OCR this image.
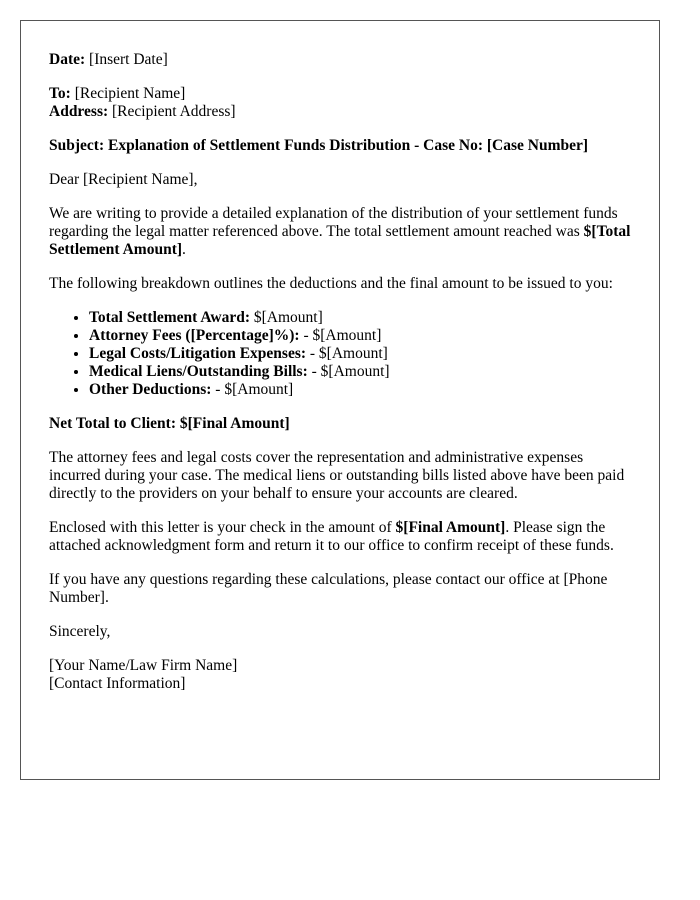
Date: [Insert Date]

To: [Recipient Name]

Address: [Recipient Address]

Subject: Explanation of Settlement Funds Distribution - Case No: [Case Number]

Dear [Recipient Name],

We are writing to provide a detailed explanation of the distribution of your settlement funds regarding the legal matter referenced above. The total settlement amount reached was $[Total Settlement Amount].

The following breakdown outlines the deductions and the final amount to be issued to you:

• Total Settlement Award: $[Amount]
• Attorney Fees ([Percentage]%): - $[Amount]
• Legal Costs/Litigation Expenses: - $[Amount]
• Medical Liens/Outstanding Bills: - $[Amount]
• Other Deductions: - $[Amount]

Net Total to Client: $[Final Amount]

The attorney fees and legal costs cover the representation and administrative expenses incurred during your case. The medical liens or outstanding bills listed above have been paid directly to the providers on your behalf to ensure your accounts are cleared.

Enclosed with this letter is your check in the amount of $[Final Amount]. Please sign the attached acknowledgment form and return it to our office to confirm receipt of these funds.

If you have any questions regarding these calculations, please contact our office at [Phone Number].

Sincerely,

[Your Name/Law Firm Name]

[Contact Information]
